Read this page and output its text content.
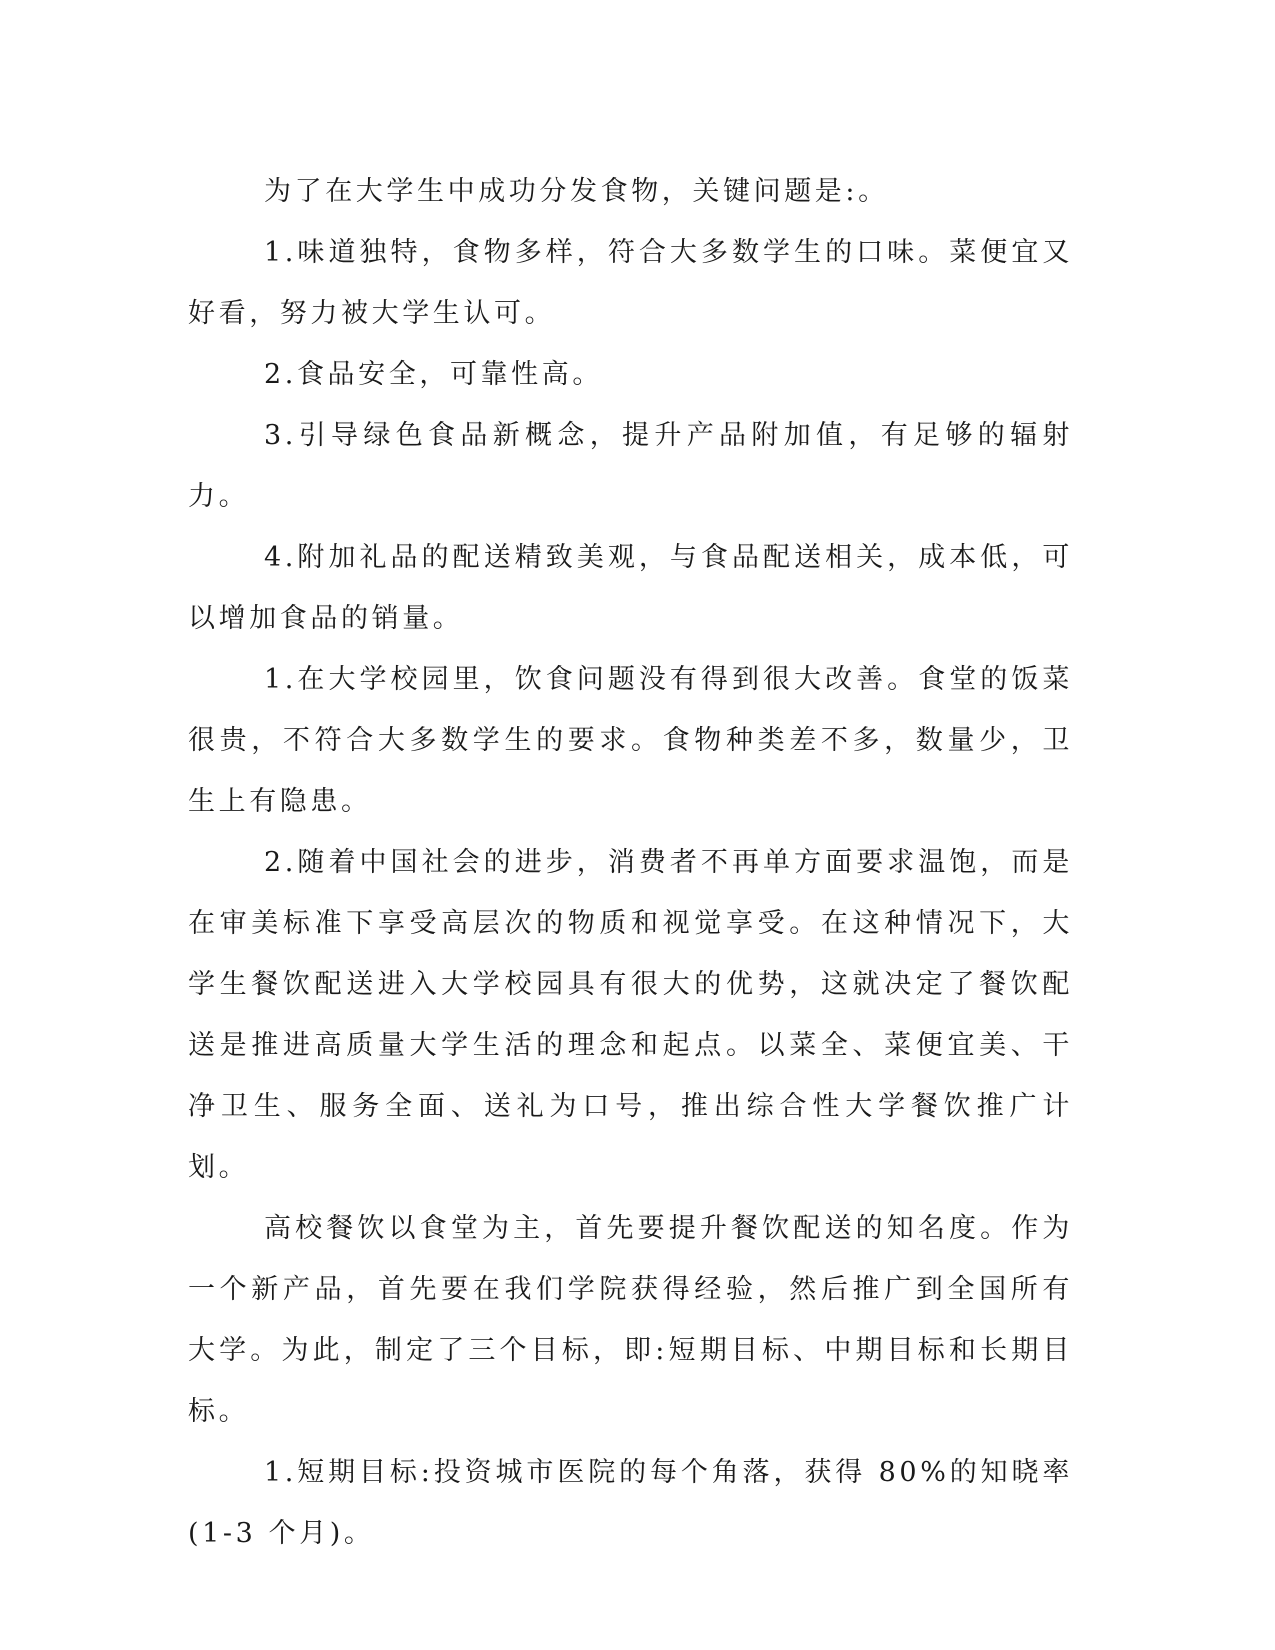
为了在大学生中成功分发食物，关键问题是:。

1.味道独特，食物多样，符合大多数学生的口味。菜便宜又好看，努力被大学生认可。

2.食品安全，可靠性高。

3.引导绿色食品新概念，提升产品附加值，有足够的辐射力。

4.附加礼品的配送精致美观，与食品配送相关，成本低，可以增加食品的销量。

1.在大学校园里，饮食问题没有得到很大改善。食堂的饭菜很贵，不符合大多数学生的要求。食物种类差不多，数量少，卫生上有隐患。

2.随着中国社会的进步，消费者不再单方面要求温饱，而是在审美标准下享受高层次的物质和视觉享受。在这种情况下，大学生餐饮配送进入大学校园具有很大的优势，这就决定了餐饮配送是推进高质量大学生活的理念和起点。以菜全、菜便宜美、干净卫生、服务全面、送礼为口号，推出综合性大学餐饮推广计划。

高校餐饮以食堂为主，首先要提升餐饮配送的知名度。作为一个新产品，首先要在我们学院获得经验，然后推广到全国所有大学。为此，制定了三个目标，即:短期目标、中期目标和长期目标。

1.短期目标:投资城市医院的每个角落，获得 80%的知晓率(1-3 个月)。
